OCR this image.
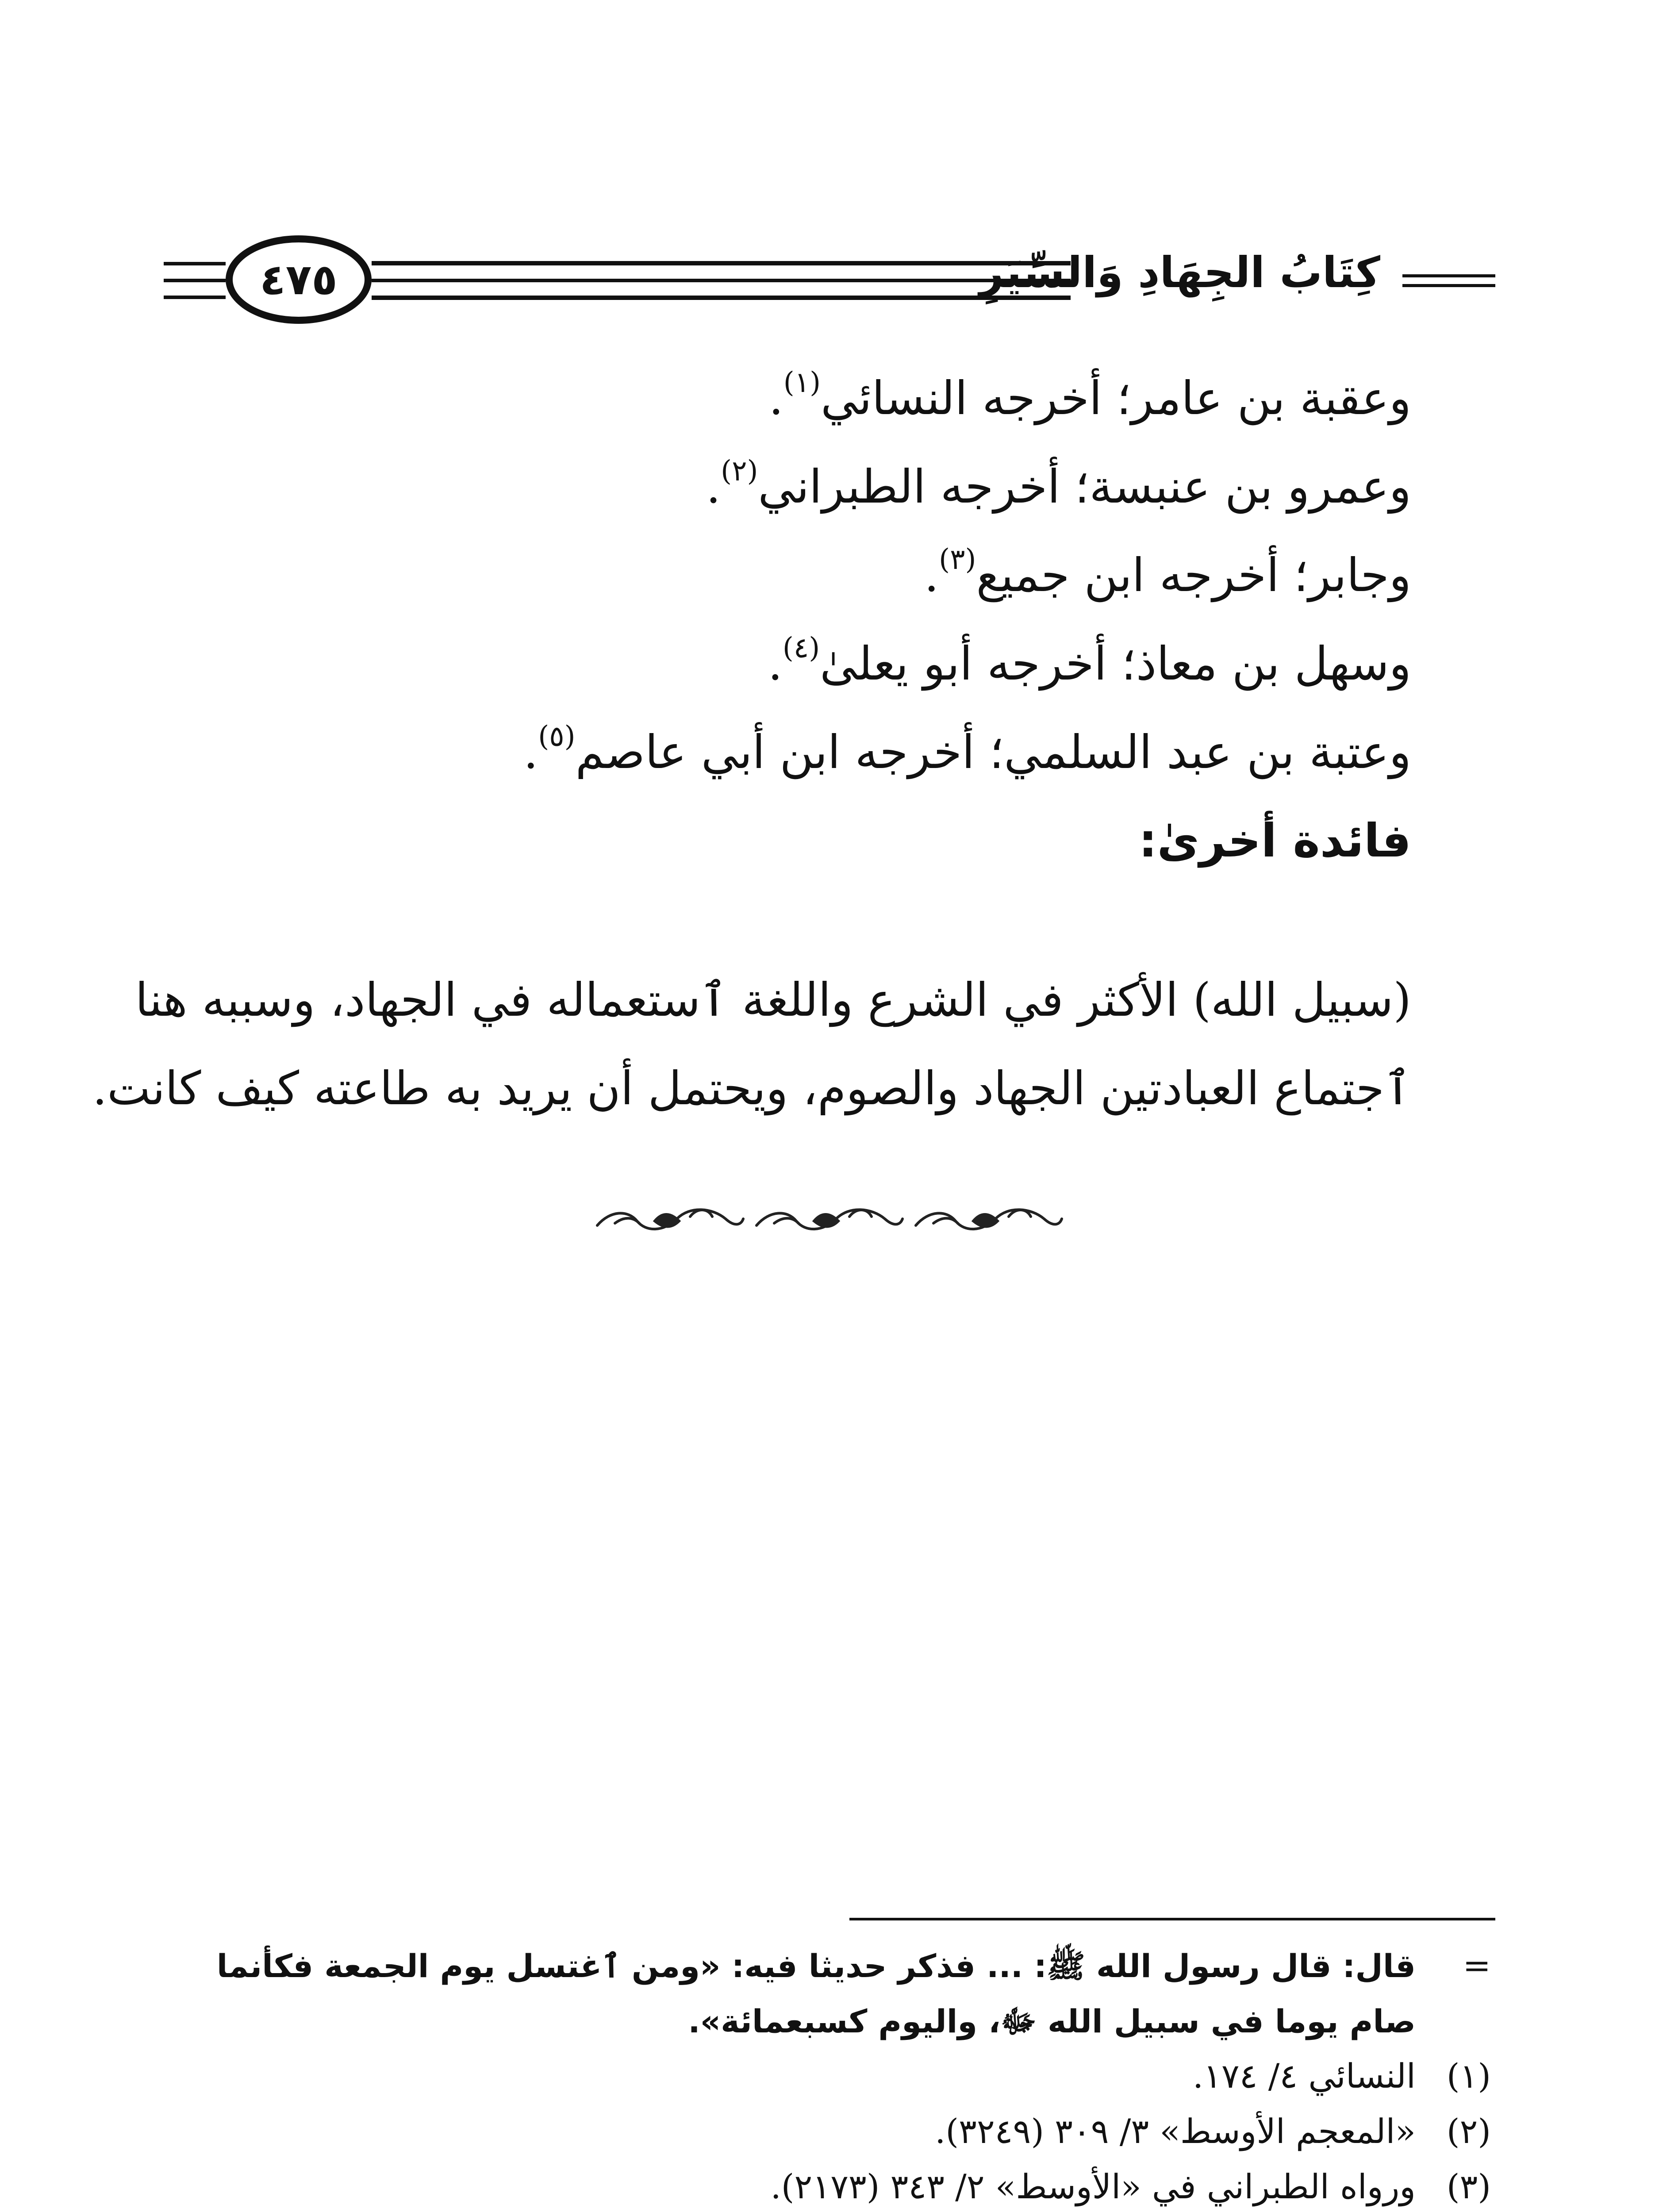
كِتَابُ الجِهَادِ وَالسِّيَرِ
٤٧٥
وعقبة بن عامر؛ أخرجه النسائي$^{(١)}$.
وعمرو بن عنبسة؛ أخرجه الطبراني$^{(٢)}$.
وجابر؛ أخرجه ابن جميع$^{(٣)}$.
وسهل بن معاذ؛ أخرجه أبو يعلىٰ$^{(٤)}$.
وعتبة بن عبد السلمي؛ أخرجه ابن أبي عاصم$^{(٥)}$.
فائدة أخرىٰ:
(سبيل الله) الأكثر في الشرع واللغة ٱستعماله في الجهاد، وسببه هنا
ٱجتماع العبادتين الجهاد والصوم، ويحتمل أن يريد به طاعته كيف كانت.
=قال: قال رسول الله ﷺ: ... فذكر حديثا فيه: «ومن ٱغتسل يوم الجمعة فكأنما
صام يوما في سبيل الله ﷻ، واليوم كسبعمائة».
(١)النسائي ٤/ ١٧٤.
(٢)«المعجم الأوسط» ٣/ ٣٠٩ (٣٢٤٩).
(٣)ورواه الطبراني في «الأوسط» ٢/ ٣٤٣ (٢١٧٣).
